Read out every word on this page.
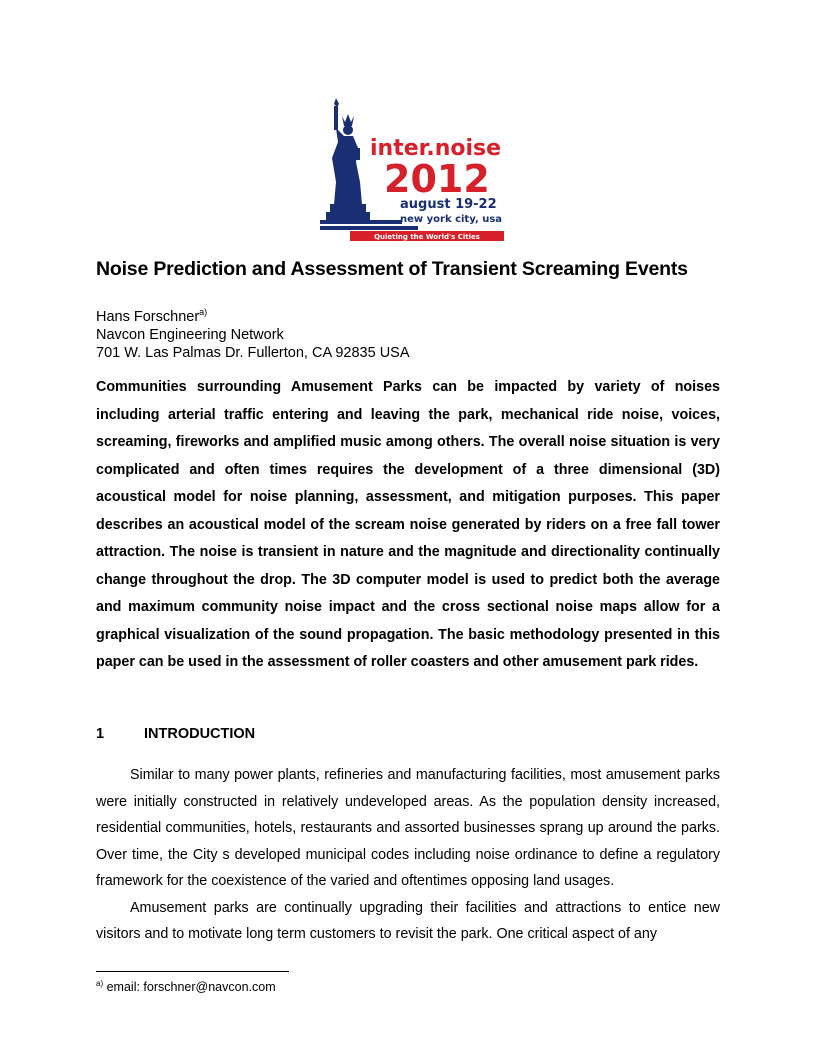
inter.noise
2012
august 19-22
new york city, usa
Quieting the World's Cities
Noise Prediction and Assessment of Transient Screaming Events
Hans Forschner$^{a)}$
Navcon Engineering Network
701 W. Las Palmas Dr. Fullerton, CA 92835 USA

Communities surrounding Amusement Parks can be impacted by variety of noises including arterial traffic entering and leaving the park, mechanical ride noise, voices, screaming, fireworks and amplified music among others. The overall noise situation is very complicated and often times requires the development of a three dimensional (3D) acoustical model for noise planning, assessment, and mitigation purposes. This paper describes an acoustical model of the scream noise generated by riders on a free fall tower attraction. The noise is transient in nature and the magnitude and directionality continually change throughout the drop. The 3D computer model is used to predict both the average and maximum community noise impact and the cross sectional noise maps allow for a graphical visualization of the sound propagation. The basic methodology presented in this paper can be used in the assessment of roller coasters and other amusement park rides.

1	INTRODUCTION

Similar to many power plants, refineries and manufacturing facilities, most amusement parks were initially constructed in relatively undeveloped areas. As the population density increased, residential communities, hotels, restaurants and assorted businesses sprang up around the parks. Over time, the City s developed municipal codes including noise ordinance to define a regulatory framework for the coexistence of the varied and oftentimes opposing land usages.

Amusement parks are continually upgrading their facilities and attractions to entice new visitors and to motivate long term customers to revisit the park. One critical aspect of any

$^{a)}$ email: forschner@navcon.com
